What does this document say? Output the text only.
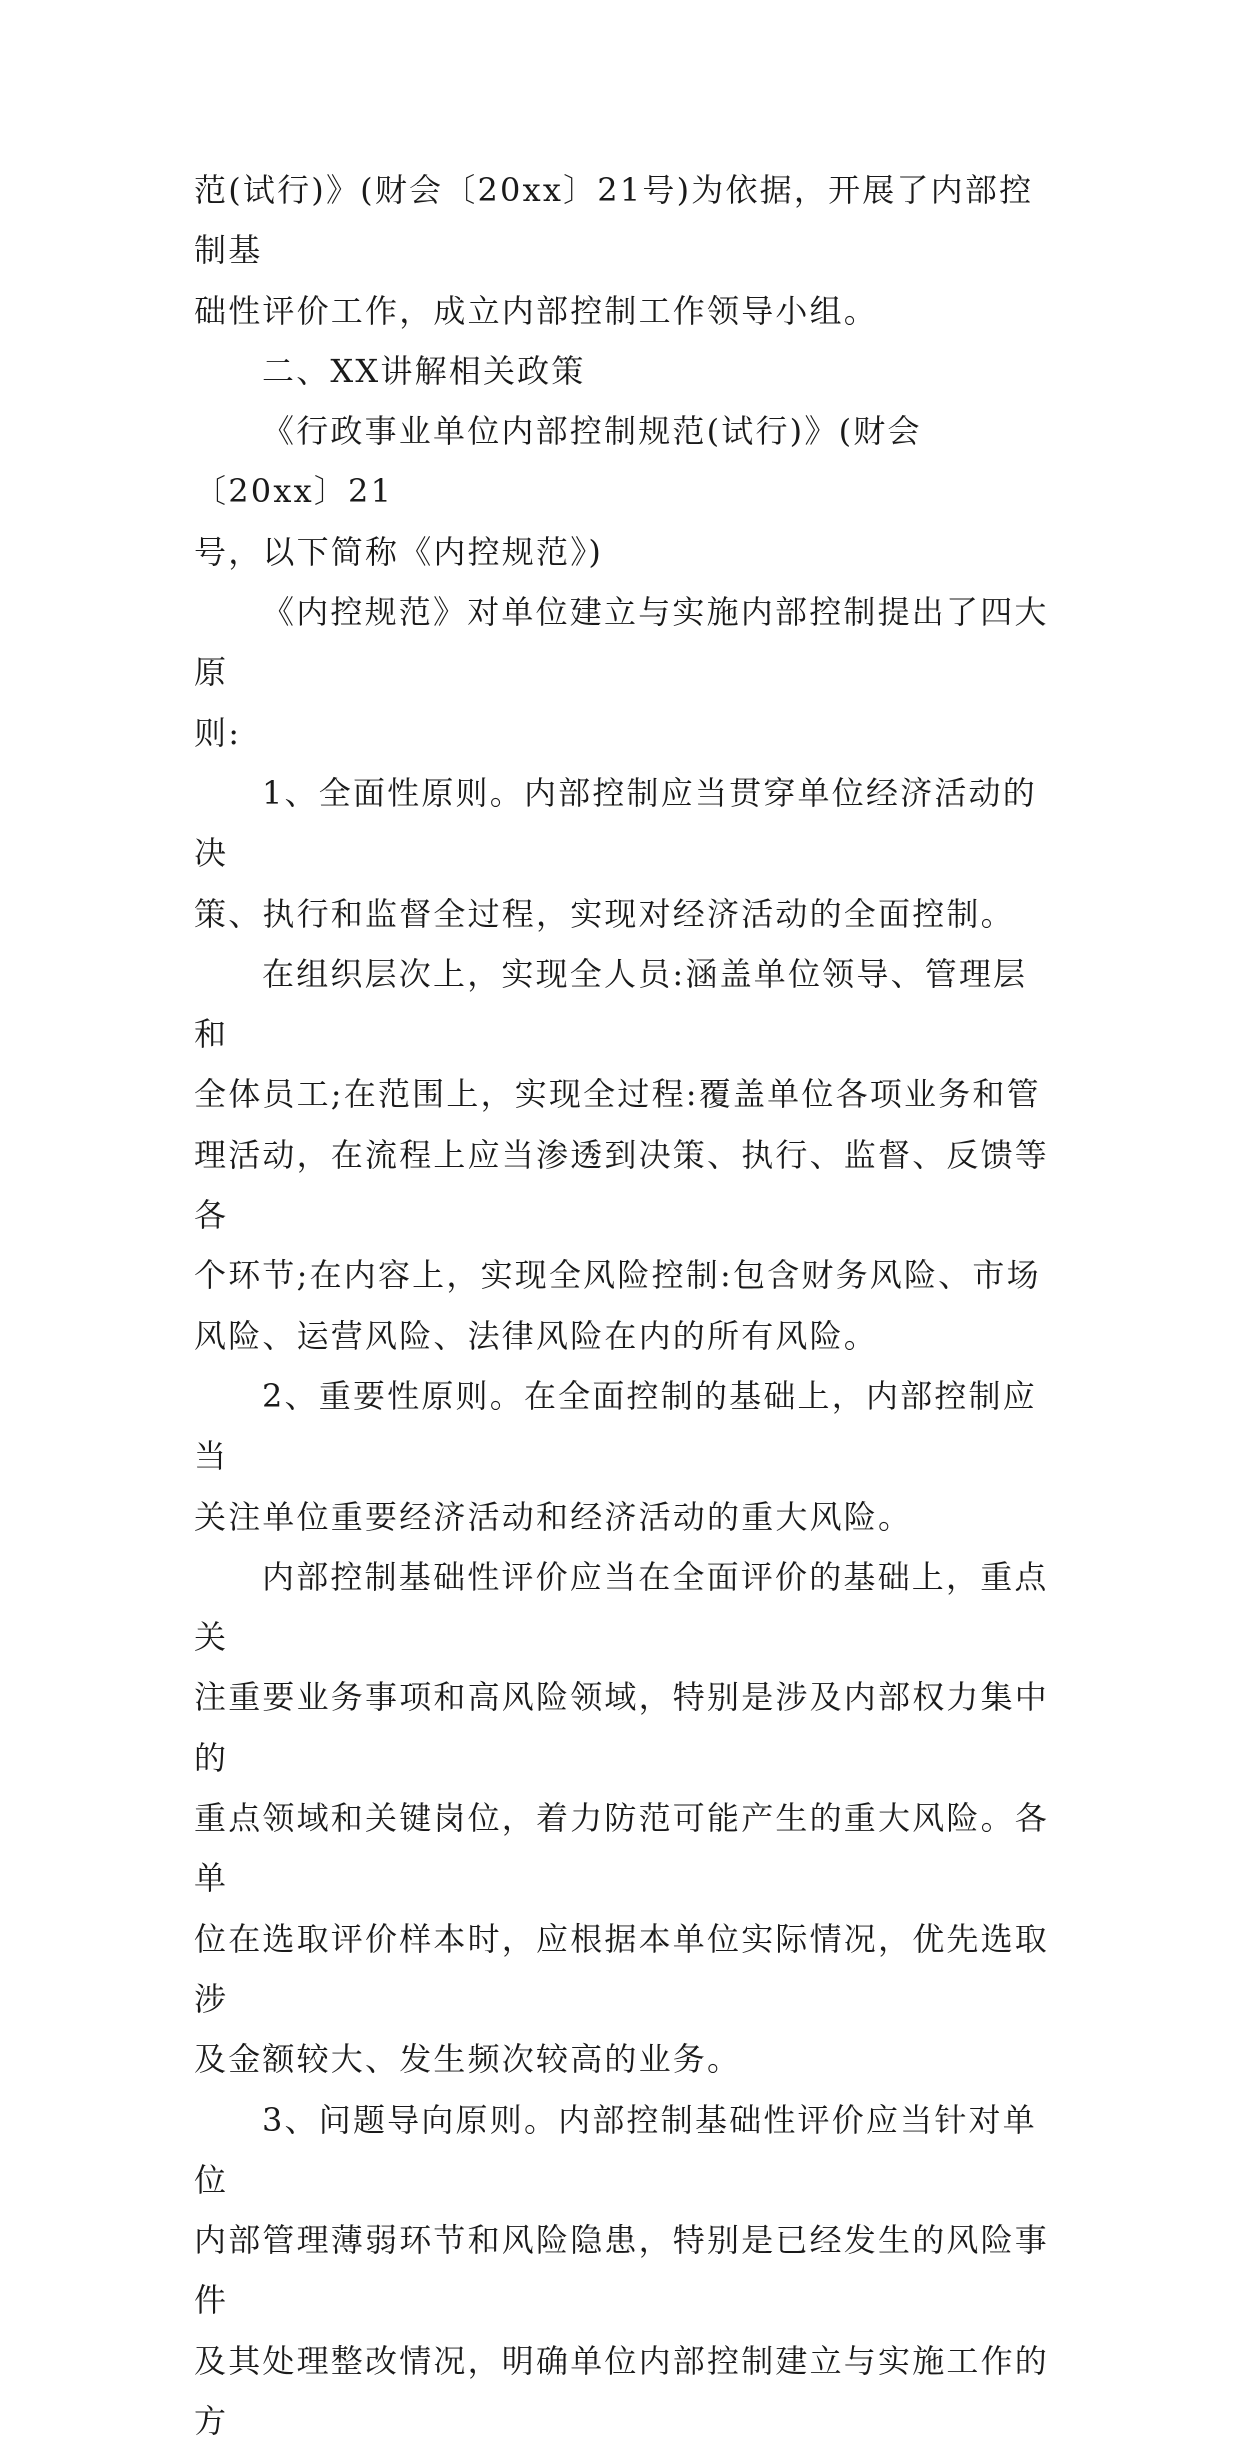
范(试行)》(财会〔20xx〕21号)为依据，开展了内部控制基
础性评价工作，成立内部控制工作领导小组。

二、XX讲解相关政策

《行政事业单位内部控制规范(试行)》(财会〔20xx〕21
号，以下简称《内控规范》)

《内控规范》对单位建立与实施内部控制提出了四大原
则:

1、全面性原则。内部控制应当贯穿单位经济活动的决
策、执行和监督全过程，实现对经济活动的全面控制。

在组织层次上，实现全人员:涵盖单位领导、管理层和
全体员工;在范围上，实现全过程:覆盖单位各项业务和管
理活动，在流程上应当渗透到决策、执行、监督、反馈等各
个环节;在内容上，实现全风险控制:包含财务风险、市场
风险、运营风险、法律风险在内的所有风险。

2、重要性原则。在全面控制的基础上，内部控制应当
关注单位重要经济活动和经济活动的重大风险。

内部控制基础性评价应当在全面评价的基础上，重点关
注重要业务事项和高风险领域，特别是涉及内部权力集中的
重点领域和关键岗位，着力防范可能产生的重大风险。各单
位在选取评价样本时，应根据本单位实际情况，优先选取涉
及金额较大、发生频次较高的业务。

3、问题导向原则。内部控制基础性评价应当针对单位
内部管理薄弱环节和风险隐患，特别是已经发生的风险事件
及其处理整改情况，明确单位内部控制建立与实施工作的方
